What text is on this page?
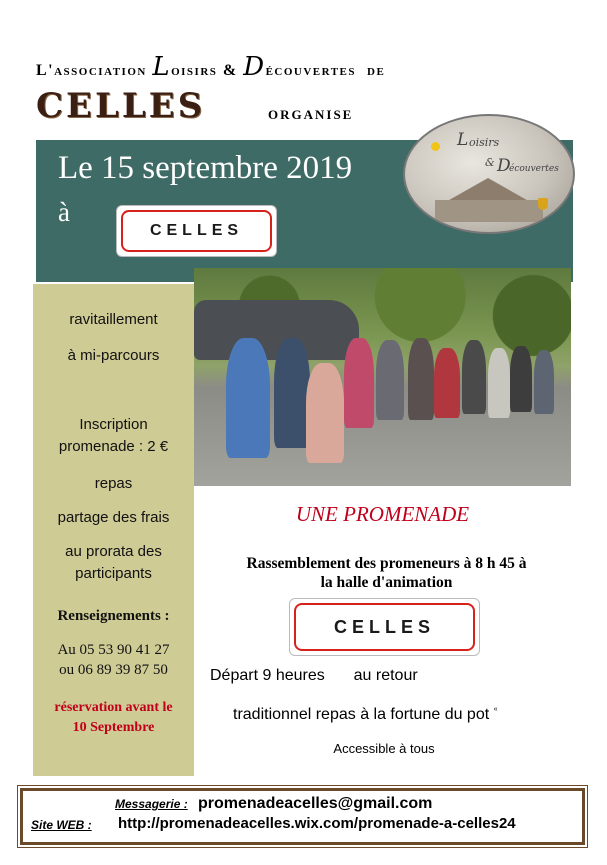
L'association Loisirs & Découvertes de
CELLES	ORGANISE
Le 15 septembre 2019
à
CELLES
L oisirs
& D
écouvertes
ravitaillement
à mi-parcours
Inscription
promenade : 2 €
repas
partage des frais
au prorata des
participants
Renseignements :
Au 05 53 90 41 27
ou 06 89 39 87 50
réservation avant le
10 Septembre
UNE PROMENADE
Rassemblement des promeneurs à 8 h 45 à
la halle d'animation
CELLES
Départ 9 heures au retour
traditionnel repas à la fortune du pot «
Accessible à tous
Messagerie : promenadeacelles@gmail.com
Site WEB : http://promenadeacelles.wix.com/promenade-a-celles24
